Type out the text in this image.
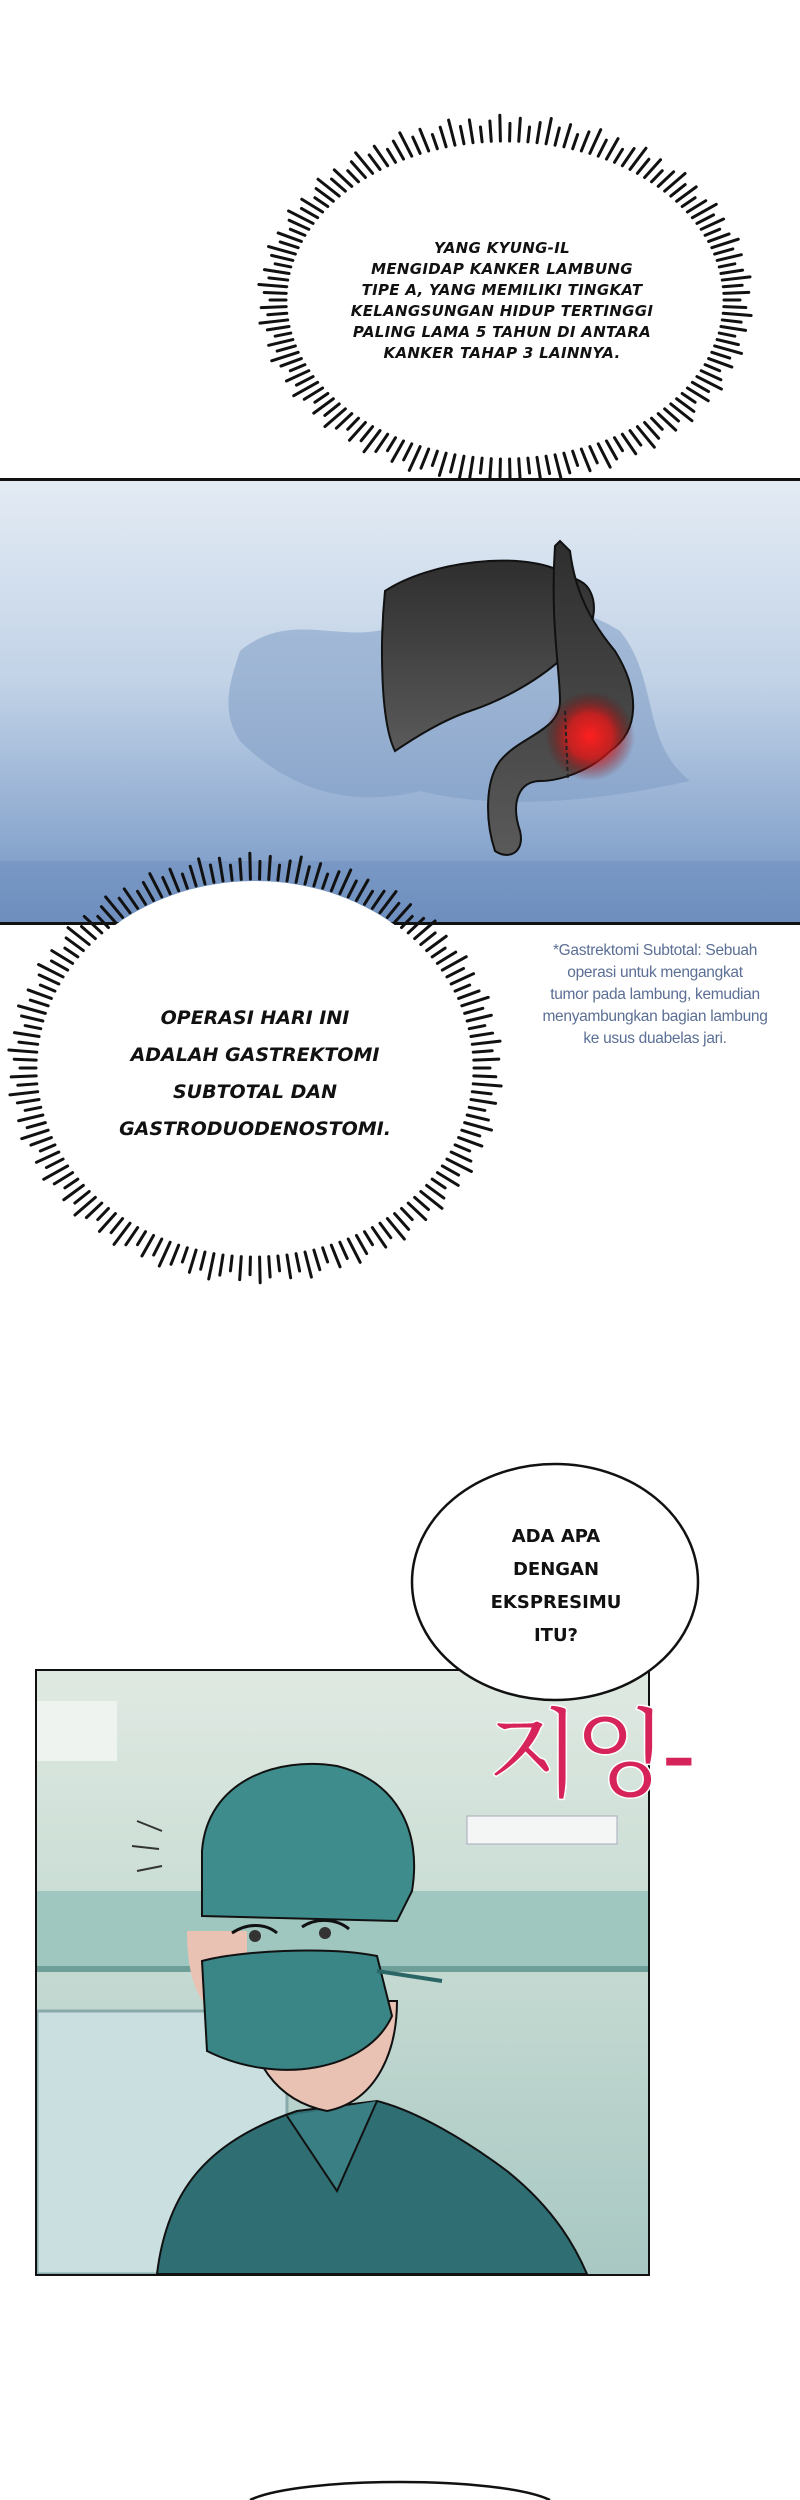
YANG KYUNG-IL
MENGIDAP KANKER LAMBUNG
TIPE A, YANG MEMILIKI TINGKAT
KELANGSUNGAN HIDUP TERTINGGI
PALING LAMA 5 TAHUN DI ANTARA
KANKER TAHAP 3 LAINNYA.
OPERASI HARI INI
ADALAH GASTREKTOMI
SUBTOTAL DAN
GASTRODUODENOSTOMI.
*Gastrektomi Subtotal: Sebuah
operasi untuk mengangkat
tumor pada lambung, kemudian
menyambungkan bagian lambung
ke usus duabelas jari.
ADA APA
DENGAN
EKSPRESIMU
ITU?
지잉-
